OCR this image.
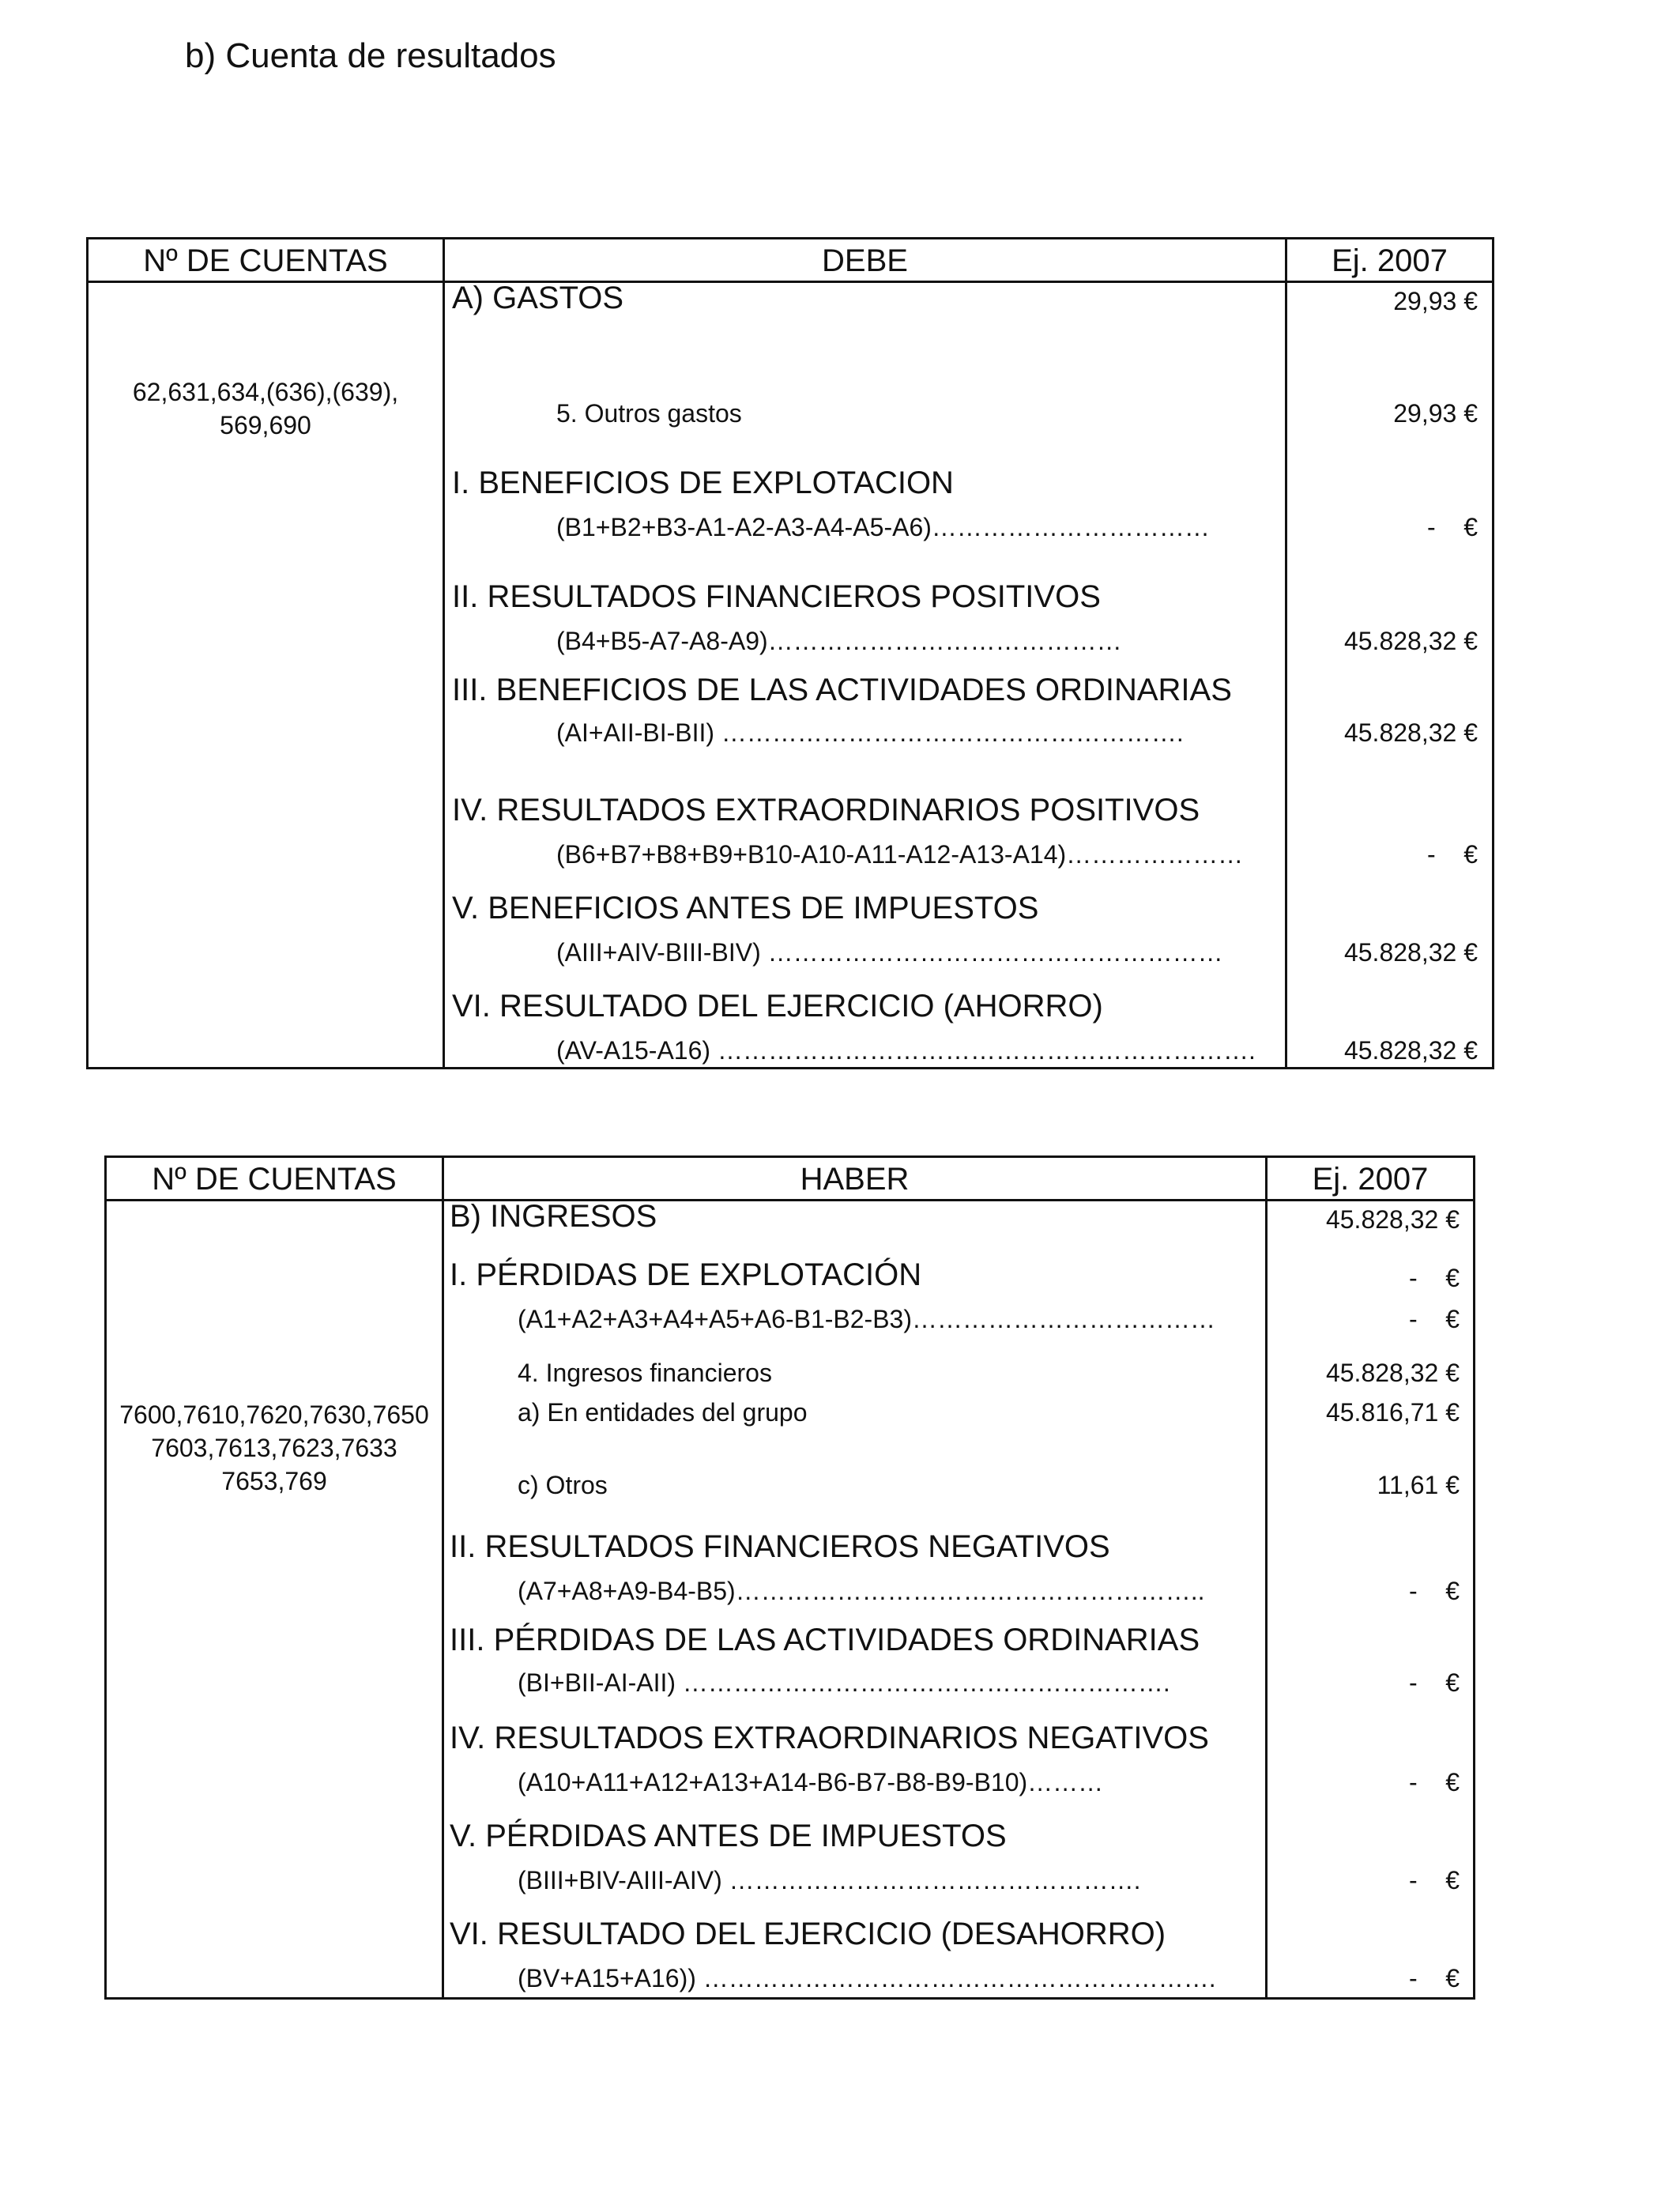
b) Cuenta de resultados
Nº DE CUENTAS	DEBE	Ej. 2007
62,631,634,(636),(639),
569,690
A) GASTOS	29,93 €
5. Outros gastos	29,93 €
I. BENEFICIOS DE EXPLOTACION
(B1+B2+B3-A1-A2-A3-A4-A5-A6)……………………………	-    €
II. RESULTADOS FINANCIEROS POSITIVOS
(B4+B5-A7-A8-A9)……………………………………	45.828,32 €
III. BENEFICIOS DE LAS ACTIVIDADES ORDINARIAS
(AI+AII-BI-BII) ……………………………………………….	45.828,32 €
IV. RESULTADOS EXTRAORDINARIOS POSITIVOS
(B6+B7+B8+B9+B10-A10-A11-A12-A13-A14)…………………	-    €
V. BENEFICIOS ANTES DE IMPUESTOS
(AIII+AIV-BIII-BIV) ………………………………………………	45.828,32 €
VI. RESULTADO DEL EJERCICIO (AHORRO)
(AV-A15-A16) ……………………………………………………….	45.828,32 €
Nº DE CUENTAS	HABER	Ej. 2007
7600,7610,7620,7630,7650
7603,7613,7623,7633
7653,769
B) INGRESOS	45.828,32 €
I. PÉRDIDAS DE EXPLOTACIÓN	-    €
(A1+A2+A3+A4+A5+A6-B1-B2-B3)………………………………	-    €
4. Ingresos financieros	45.828,32 €
a) En entidades del grupo	45.816,71 €
c) Otros	11,61 €
II. RESULTADOS FINANCIEROS NEGATIVOS
(A7+A8+A9-B4-B5)………………………………………………..	-    €
III. PÉRDIDAS DE LAS ACTIVIDADES ORDINARIAS
(BI+BII-AI-AII) ………………………………………………….	-    €
IV. RESULTADOS EXTRAORDINARIOS NEGATIVOS
(A10+A11+A12+A13+A14-B6-B7-B8-B9-B10)………	-    €
V. PÉRDIDAS ANTES DE IMPUESTOS
(BIII+BIV-AIII-AIV) ………………………………………….	-    €
VI. RESULTADO DEL EJERCICIO (DESAHORRO)
(BV+A15+A16)) …………………………………………………….	-    €
